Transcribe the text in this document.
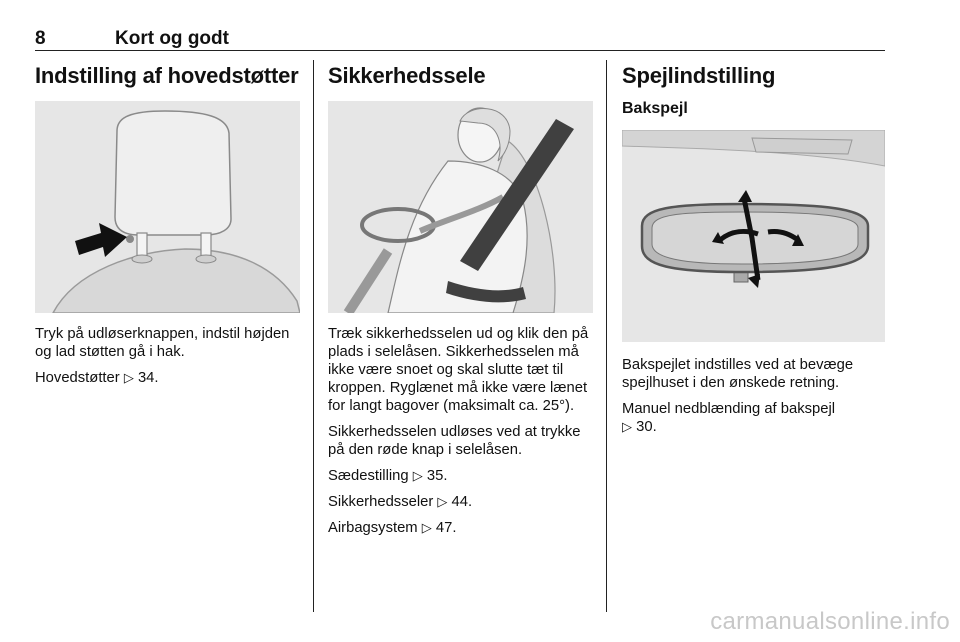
8	Kort og godt
Indstilling af hovedstøtter

Tryk på udløserknappen, indstil højden og lad støtten gå i hak.

Hovedstøtter ▷ 34.

Sikkerhedssele

Træk sikkerhedsselen ud og klik den på plads i selelåsen. Sikkerhedsselen må ikke være snoet og skal slutte tæt til kroppen. Ryglænet må ikke være lænet for langt bagover (maksimalt ca. 25°).

Sikkerhedsselen udløses ved at trykke på den røde knap i selelåsen.

Sædestilling ▷ 35.

Sikkerhedsseler ▷ 44.

Airbagsystem ▷ 47.

Spejlindstilling
Bakspejl

Bakspejlet indstilles ved at bevæge spejlhuset i den ønskede retning.

Manuel nedblænding af bakspejl
▷ 30.

carmanualsonline.info
